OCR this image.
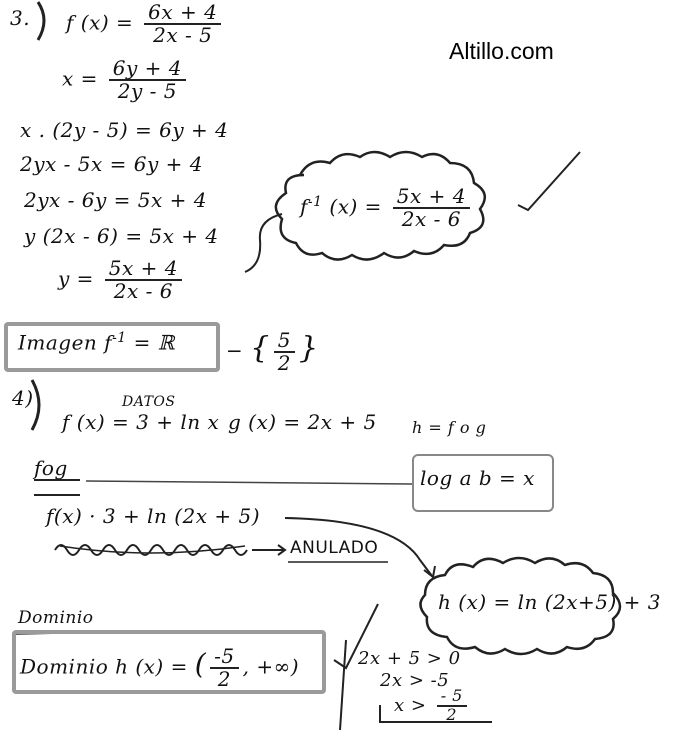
Altillo.com
3. f $(x) = \frac{6x + 4}{2x - 5}$
$x = \frac{6y + 4}{2y - 5}$
x . (2y - 5) = 6y + 4
2yx - 5x = 6y + 4
2yx - 6y = 5x + 4
y (2x - 6) = 5x + 4
$y = \frac{5x + 4}{2x - 6}$
$f^{-1}$ $(x) = \frac{5x + 4}{2x - 6}$
Imagen $f^{-1}$ = ℝ	− { $\frac{5}{2}$ }
4)	DATOS
f (x) = 3 + ln x g (x) = 2x + 5 h = f o g
log a b = x
fog
f(x) · 3 + ln (2x + 5)
ANULADO
h (x) = ln (2x+5) + 3
Dominio
Dominio h (x) = ( $\frac{-5}{2}$ , +∞)	2x + 5 > 0
2x > -5
$x > \frac{- 5}{2}$
